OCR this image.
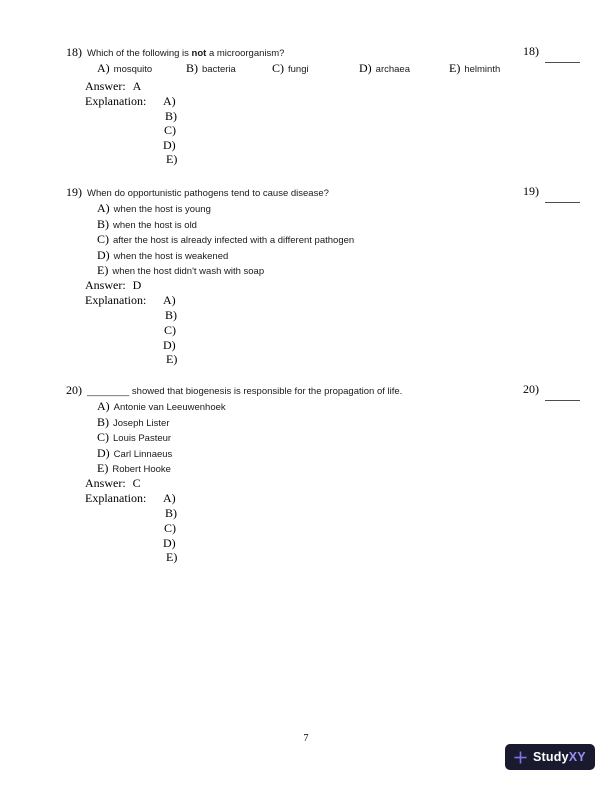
18) Which of the following is not a microorganism?
A) mosquito	B) bacteria	C) fungi	D) archaea	E) helminth
Answer: A
Explanation: A)
B)
C)
D)
E)
18)
19) When do opportunistic pathogens tend to cause disease?
A) when the host is young
B) when the host is old
C) after the host is already infected with a different pathogen
D) when the host is weakened
E) when the host didn't wash with soap
Answer: D
Explanation: A)
B)
C)
D)
E)
19)
20) ________ showed that biogenesis is responsible for the propagation of life.
A) Antonie van Leeuwenhoek
B) Joseph Lister
C) Louis Pasteur
D) Carl Linnaeus
E) Robert Hooke
Answer: C
Explanation: A)
B)
C)
D)
E)
20)
7
StudyXY
